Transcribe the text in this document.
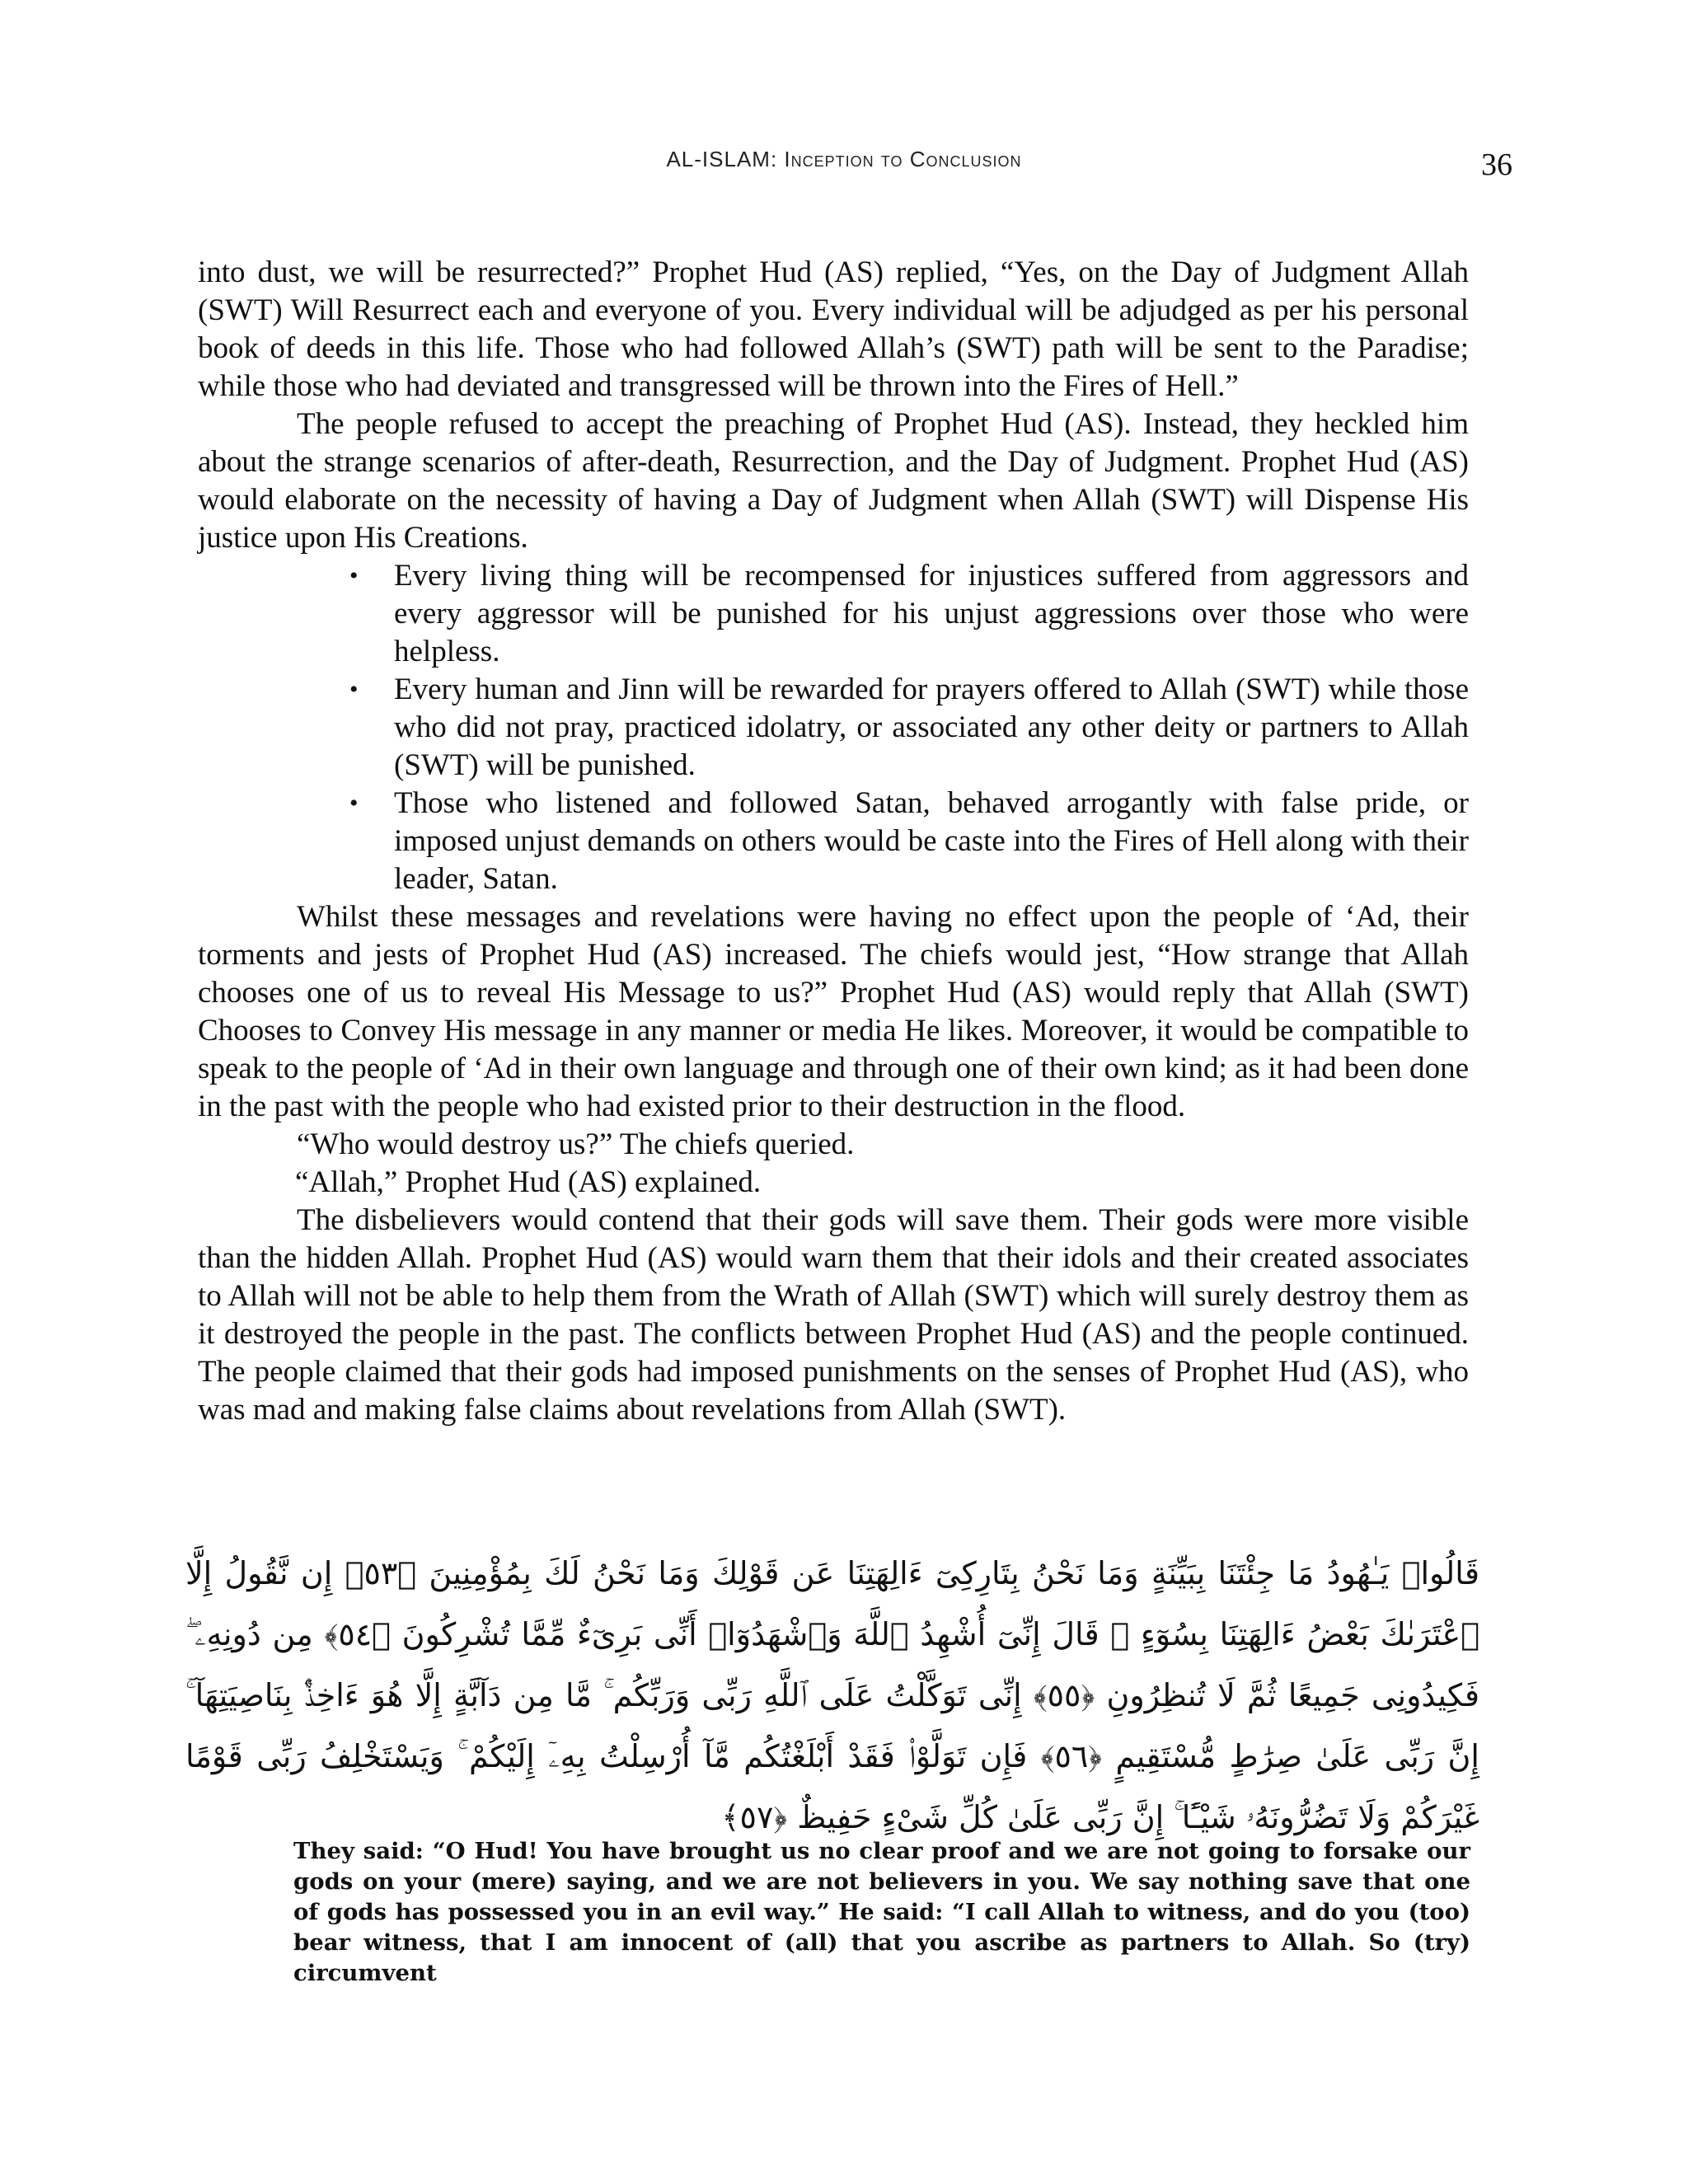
AL-ISLAM: Inception to Conclusion	36

into dust, we will be resurrected?” Prophet Hud (AS) replied, “Yes, on the Day of Judgment Allah (SWT) Will Resurrect each and everyone of you. Every individual will be adjudged as per his personal book of deeds in this life. Those who had followed Allah’s (SWT) path will be sent to the Paradise; while those who had deviated and transgressed will be thrown into the Fires of Hell.”

The people refused to accept the preaching of Prophet Hud (AS). Instead, they heckled him about the strange scenarios of after-death, Resurrection, and the Day of Judgment. Prophet Hud (AS) would elaborate on the necessity of having a Day of Judgment when Allah (SWT) will Dispense His justice upon His Creations.

• Every living thing will be recompensed for injustices suffered from aggressors and every aggressor will be punished for his unjust aggressions over those who were helpless.
• Every human and Jinn will be rewarded for prayers offered to Allah (SWT) while those who did not pray, practiced idolatry, or associated any other deity or partners to Allah (SWT) will be punished.
• Those who listened and followed Satan, behaved arrogantly with false pride, or imposed unjust demands on others would be caste into the Fires of Hell along with their leader, Satan.

Whilst these messages and revelations were having no effect upon the people of ‘Ad, their torments and jests of Prophet Hud (AS) increased. The chiefs would jest, “How strange that Allah chooses one of us to reveal His Message to us?” Prophet Hud (AS) would reply that Allah (SWT) Chooses to Convey His message in any manner or media He likes. Moreover, it would be compatible to speak to the people of ‘Ad in their own language and through one of their own kind; as it had been done in the past with the people who had existed prior to their destruction in the flood.

“Who would destroy us?” The chiefs queried.

“Allah,” Prophet Hud (AS) explained.

The disbelievers would contend that their gods will save them. Their gods were more visible than the hidden Allah. Prophet Hud (AS) would warn them that their idols and their created associates to Allah will not be able to help them from the Wrath of Allah (SWT) which will surely destroy them as it destroyed the people in the past. The conflicts between Prophet Hud (AS) and the people continued. The people claimed that their gods had imposed punishments on the senses of Prophet Hud (AS), who was mad and making false claims about revelations from Allah (SWT).

قَالُوا۟ يَـٰهُودُ مَا جِئْتَنَا بِبَيِّنَةٍ وَمَا نَحْنُ بِتَارِكِىٓ ءَالِهَتِنَا عَن قَوْلِكَ وَمَا نَحْنُ لَكَ بِمُؤْمِنِينَ ﴿٥٣﴾ إِن نَّقُولُ إِلَّا ٱعْتَرَىٰكَ بَعْضُ ءَالِهَتِنَا بِسُوٓءٍ ۗ قَالَ إِنِّىٓ أُشْهِدُ ٱللَّهَ وَٱشْهَدُوٓا۟ أَنِّى بَرِىٓءٌ مِّمَّا تُشْرِكُونَ ﴿٥٤﴾ مِن دُونِهِۦ ۖ فَكِيدُونِى جَمِيعًا ثُمَّ لَا تُنظِرُونِ ﴿٥٥﴾ إِنِّى تَوَكَّلْتُ عَلَى ٱللَّهِ رَبِّى وَرَبِّكُم ۚ مَّا مِن دَآبَّةٍ إِلَّا هُوَ ءَاخِذٌۢ بِنَاصِيَتِهَآ ۚ إِنَّ رَبِّى عَلَىٰ صِرَٰطٍ مُّسْتَقِيمٍ ﴿٥٦﴾ فَإِن تَوَلَّوْا۟ فَقَدْ أَبْلَغْتُكُم مَّآ أُرْسِلْتُ بِهِۦٓ إِلَيْكُمْ ۚ وَيَسْتَخْلِفُ رَبِّى قَوْمًا غَيْرَكُمْ وَلَا تَضُرُّونَهُۥ شَيْـًٔا ۚ إِنَّ رَبِّى عَلَىٰ كُلِّ شَىْءٍ حَفِيظٌ ﴿٥٧﴾
They said: “O Hud! You have brought us no clear proof and we are not going to forsake our gods on your (mere) saying, and we are not believers in you. We say nothing save that one of gods has possessed you in an evil way.” He said: “I call Allah to witness, and do you (too) bear witness, that I am innocent of (all) that you ascribe as partners to Allah. So (try) circumvent
